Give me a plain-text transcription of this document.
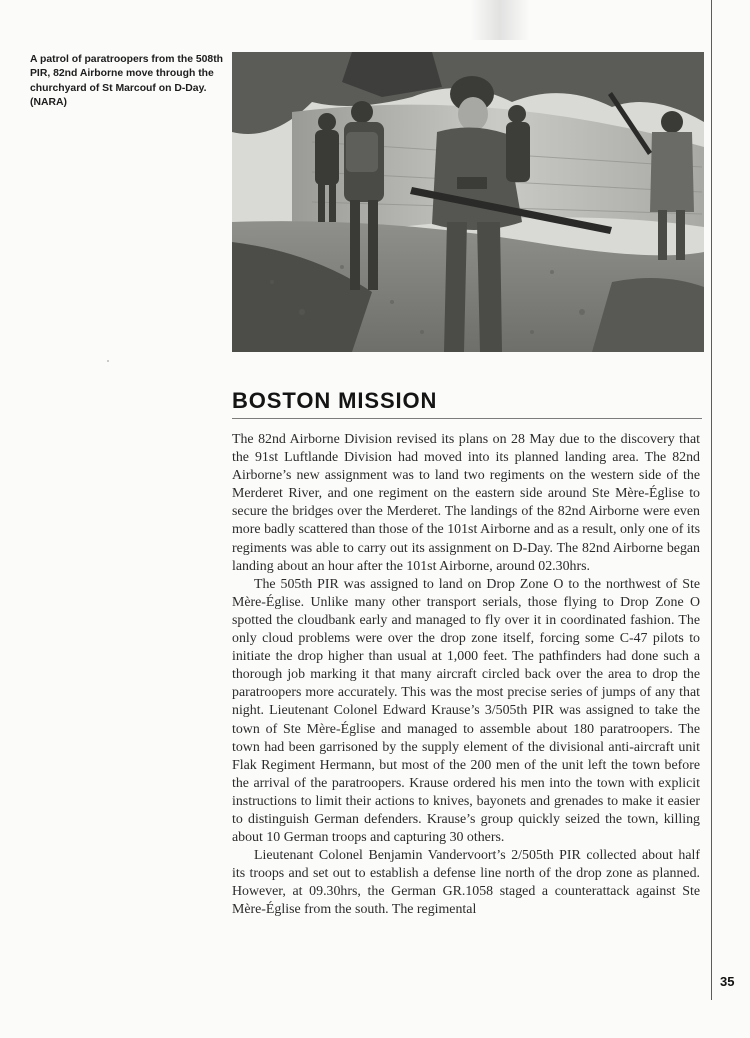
A patrol of paratroopers from the 508th PIR, 82nd Airborne move through the churchyard of St Marcouf on D-Day. (NARA)
BOSTON MISSION

The 82nd Airborne Division revised its plans on 28 May due to the discovery that the 91st Luftlande Division had moved into its planned landing area. The 82nd Airborne’s new assignment was to land two regiments on the western side of the Merderet River, and one regiment on the eastern side around Ste Mère-Église to secure the bridges over the Merderet. The landings of the 82nd Airborne were even more badly scattered than those of the 101st Airborne and as a result, only one of its regiments was able to carry out its assignment on D-Day. The 82nd Airborne began landing about an hour after the 101st Airborne, around 02.30hrs.

The 505th PIR was assigned to land on Drop Zone O to the northwest of Ste Mère-Église. Unlike many other transport serials, those flying to Drop Zone O spotted the cloudbank early and managed to fly over it in coordinated fashion. The only cloud problems were over the drop zone itself, forcing some C-47 pilots to initiate the drop higher than usual at 1,000 feet. The pathfinders had done such a thorough job marking it that many aircraft circled back over the area to drop the paratroopers more accurately. This was the most precise series of jumps of any that night. Lieutenant Colonel Edward Krause’s 3/505th PIR was assigned to take the town of Ste Mère-Église and managed to assemble about 180 paratroopers. The town had been garrisoned by the supply element of the divisional anti-aircraft unit Flak Regiment Hermann, but most of the 200 men of the unit left the town before the arrival of the paratroopers. Krause ordered his men into the town with explicit instructions to limit their actions to knives, bayonets and grenades to make it easier to distinguish German defenders. Krause’s group quickly seized the town, killing about 10 German troops and capturing 30 others.

Lieutenant Colonel Benjamin Vandervoort’s 2/505th PIR collected about half its troops and set out to establish a defense line north of the drop zone as planned. However, at 09.30hrs, the German GR.1058 staged a counterattack against Ste Mère-Église from the south. The regimental

35
